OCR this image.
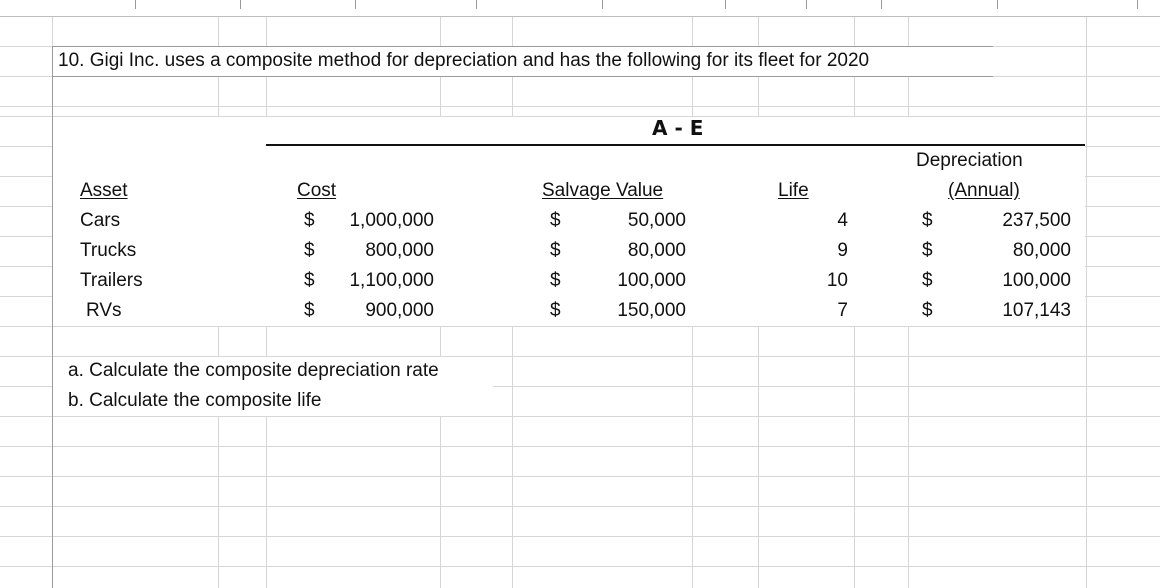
10. Gigi Inc. uses a composite method for depreciation and has the following for its fleet for 2020
A - E
Depreciation
Asset	Cost	Salvage Value	Life	(Annual)
Cars	$	1,000,000	$	50,000	4	$	237,500
Trucks	$	800,000	$	80,000	9	$	80,000
Trailers	$	1,100,000	$	100,000	10	$	100,000
RVs	$	900,000	$	150,000	7	$	107,143
a. Calculate the composite depreciation rate
b. Calculate the composite life
